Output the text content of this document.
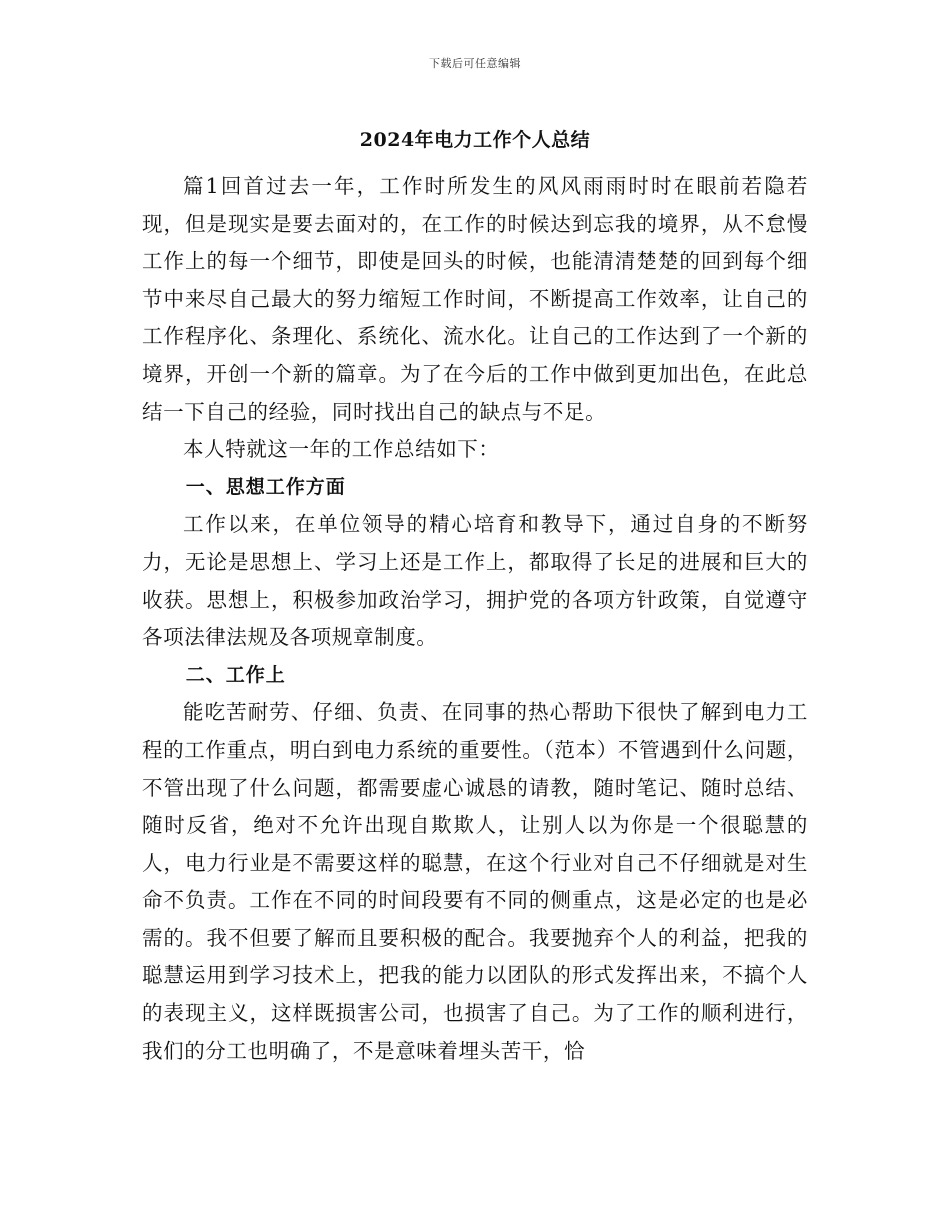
下载后可任意编辑
2024年电力工作个人总结

篇1回首过去一年，工作时所发生的风风雨雨时时在眼前若隐若现，但是现实是要去面对的，在工作的时候达到忘我的境界，从不怠慢工作上的每一个细节，即使是回头的时候，也能清清楚楚的回到每个细节中来尽自己最大的努力缩短工作时间，不断提高工作效率，让自己的工作程序化、条理化、系统化、流水化。让自己的工作达到了一个新的境界，开创一个新的篇章。为了在今后的工作中做到更加出色，在此总结一下自己的经验，同时找出自己的缺点与不足。

本人特就这一年的工作总结如下：

一、思想工作方面

工作以来，在单位领导的精心培育和教导下，通过自身的不断努力，无论是思想上、学习上还是工作上，都取得了长足的进展和巨大的收获。思想上，积极参加政治学习，拥护党的各项方针政策，自觉遵守各项法律法规及各项规章制度。

二、工作上

能吃苦耐劳、仔细、负责、在同事的热心帮助下很快了解到电力工程的工作重点，明白到电力系统的重要性。（范本）不管遇到什么问题，不管出现了什么问题，都需要虚心诚恳的请教，随时笔记、随时总结、随时反省，绝对不允许出现自欺欺人，让别人以为你是一个很聪慧的人，电力行业是不需要这样的聪慧，在这个行业对自己不仔细就是对生命不负责。工作在不同的时间段要有不同的侧重点，这是必定的也是必需的。我不但要了解而且要积极的配合。我要抛弃个人的利益，把我的聪慧运用到学习技术上，把我的能力以团队的形式发挥出来，不搞个人的表现主义，这样既损害公司，也损害了自己。为了工作的顺利进行，我们的分工也明确了，不是意味着埋头苦干，恰
